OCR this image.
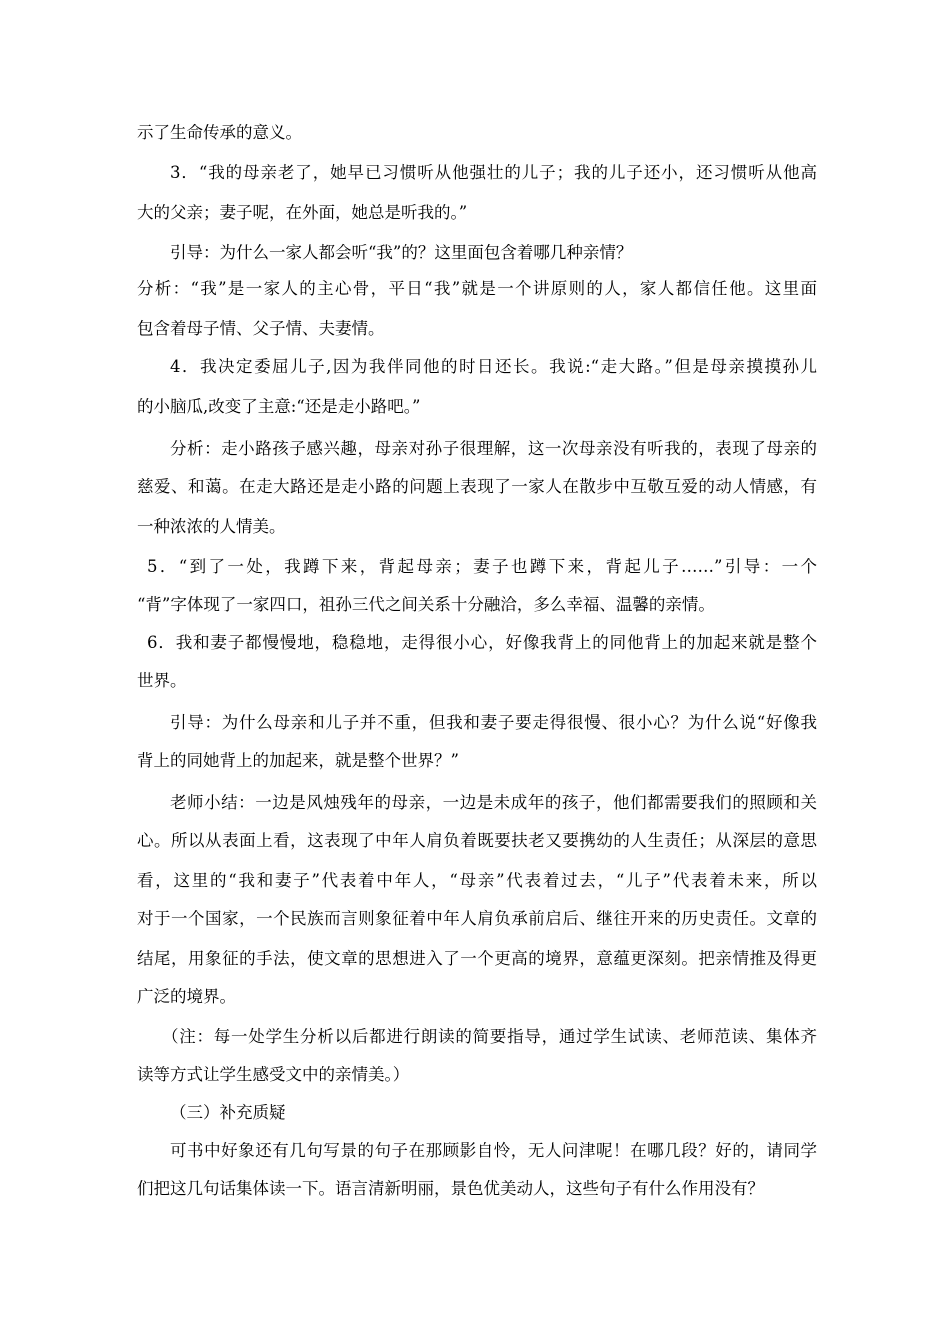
示了生命传承的意义。
3．“我的母亲老了，她早已习惯听从他强壮的儿子；我的儿子还小，还习惯听从他高
大的父亲；妻子呢，在外面，她总是听我的。”
引导：为什么一家人都会听“我”的？这里面包含着哪几种亲情？
分析：“我”是一家人的主心骨，平日“我”就是一个讲原则的人，家人都信任他。这里面
包含着母子情、父子情、夫妻情。
4．我决定委屈儿子,因为我伴同他的时日还长。我说:“走大路。”但是母亲摸摸孙儿
的小脑瓜,改变了主意:“还是走小路吧。”
分析：走小路孩子感兴趣，母亲对孙子很理解，这一次母亲没有听我的，表现了母亲的
慈爱、和蔼。在走大路还是走小路的问题上表现了一家人在散步中互敬互爱的动人情感，有
一种浓浓的人情美。
5．“到了一处，我蹲下来，背起母亲；妻子也蹲下来，背起儿子……”引导：一个
“背”字体现了一家四口，祖孙三代之间关系十分融洽，多么幸福、温馨的亲情。
6．我和妻子都慢慢地，稳稳地，走得很小心，好像我背上的同他背上的加起来就是整个
世界。
引导：为什么母亲和儿子并不重，但我和妻子要走得很慢、很小心？为什么说“好像我
背上的同她背上的加起来，就是整个世界？”
老师小结：一边是风烛残年的母亲，一边是未成年的孩子，他们都需要我们的照顾和关
心。所以从表面上看，这表现了中年人肩负着既要扶老又要携幼的人生责任；从深层的意思
看，这里的“我和妻子”代表着中年人，“母亲”代表着过去，“儿子”代表着未来，所以
对于一个国家，一个民族而言则象征着中年人肩负承前启后、继往开来的历史责任。文章的
结尾，用象征的手法，使文章的思想进入了一个更高的境界，意蕴更深刻。把亲情推及得更
广泛的境界。
（注：每一处学生分析以后都进行朗读的简要指导，通过学生试读、老师范读、集体齐
读等方式让学生感受文中的亲情美。）
（三）补充质疑
可书中好象还有几句写景的句子在那顾影自怜，无人问津呢！在哪几段？好的，请同学
们把这几句话集体读一下。语言清新明丽，景色优美动人，这些句子有什么作用没有？
